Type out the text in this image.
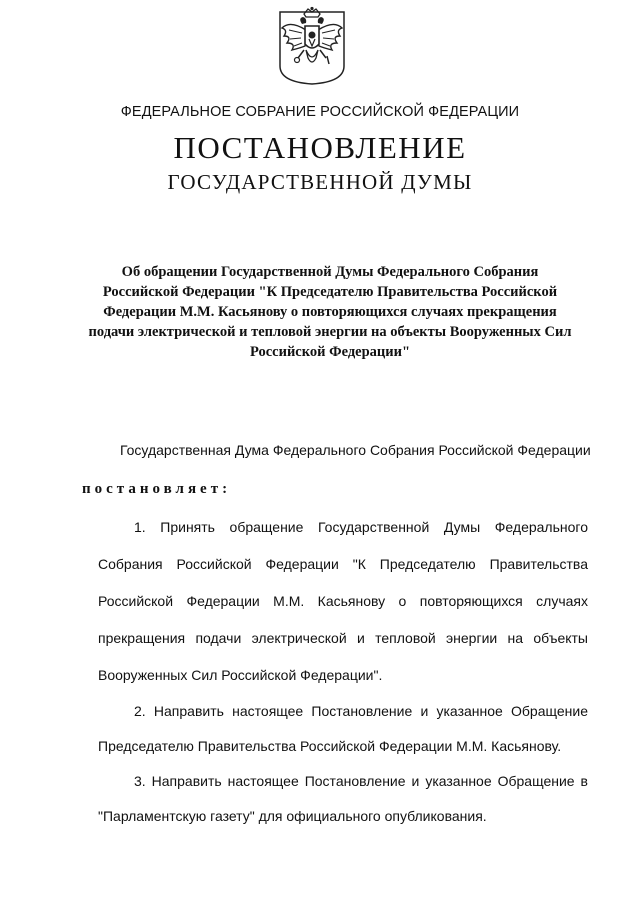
ФЕДЕРАЛЬНОЕ СОБРАНИЕ РОССИЙСКОЙ ФЕДЕРАЦИИ
ПОСТАНОВЛЕНИЕ
ГОСУДАРСТВЕННОЙ ДУМЫ
Об обращении Государственной Думы Федерального Собрания
Российской Федерации "К Председателю Правительства Российской
Федерации М.М. Касьянову о повторяющихся случаях прекращения
подачи электрической и тепловой энергии на объекты Вооруженных Сил
Российской Федерации"
Государственная Дума Федерального Собрания Российской Федерации
постановляет:
1. Принять обращение Государственной Думы Федерального
Собрания Российской Федерации "К Председателю Правительства
Российской Федерации М.М. Касьянову о повторяющихся случаях
прекращения подачи электрической и тепловой энергии на объекты
Вооруженных Сил Российской Федерации".
2. Направить настоящее Постановление и указанное Обращение
Председателю Правительства Российской Федерации М.М. Касьянову.
3. Направить настоящее Постановление и указанное Обращение в
"Парламентскую газету" для официального опубликования.
